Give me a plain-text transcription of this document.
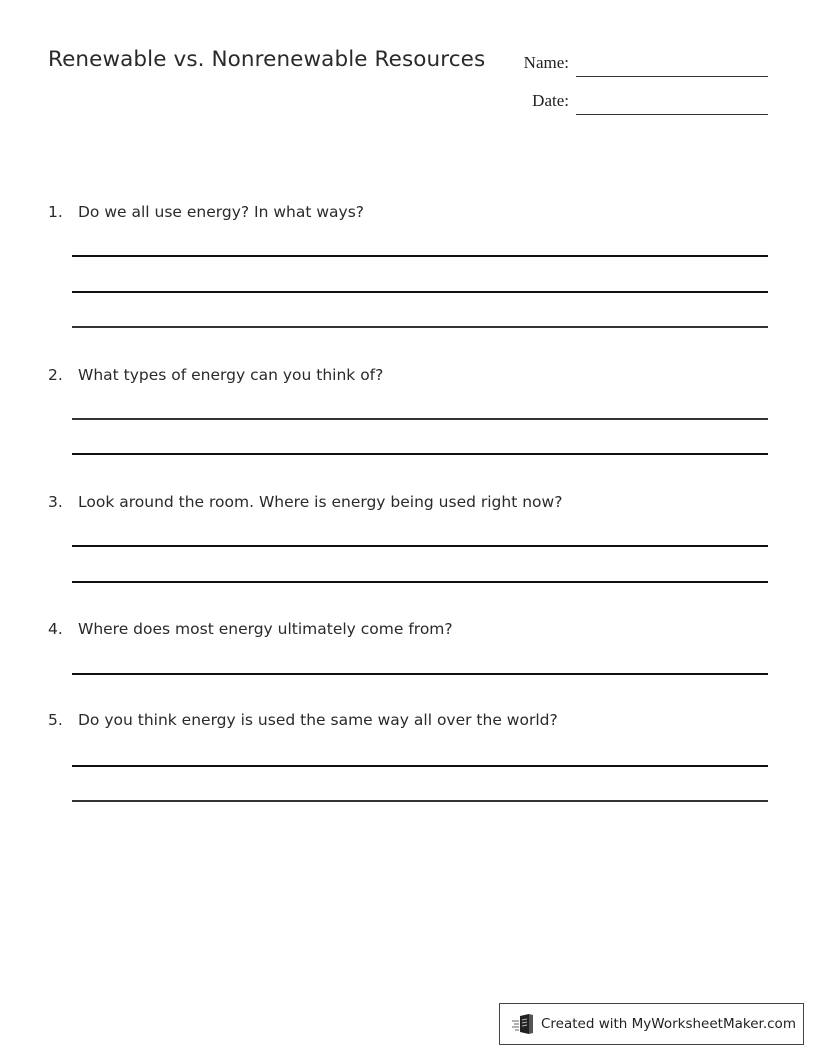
Renewable vs. Nonrenewable Resources	Name:
Date:
1. Do we all use energy? In what ways?
2. What types of energy can you think of?
3. Look around the room. Where is energy being used right now?
4. Where does most energy ultimately come from?
5. Do you think energy is used the same way all over the world?
Created with MyWorksheetMaker.com
